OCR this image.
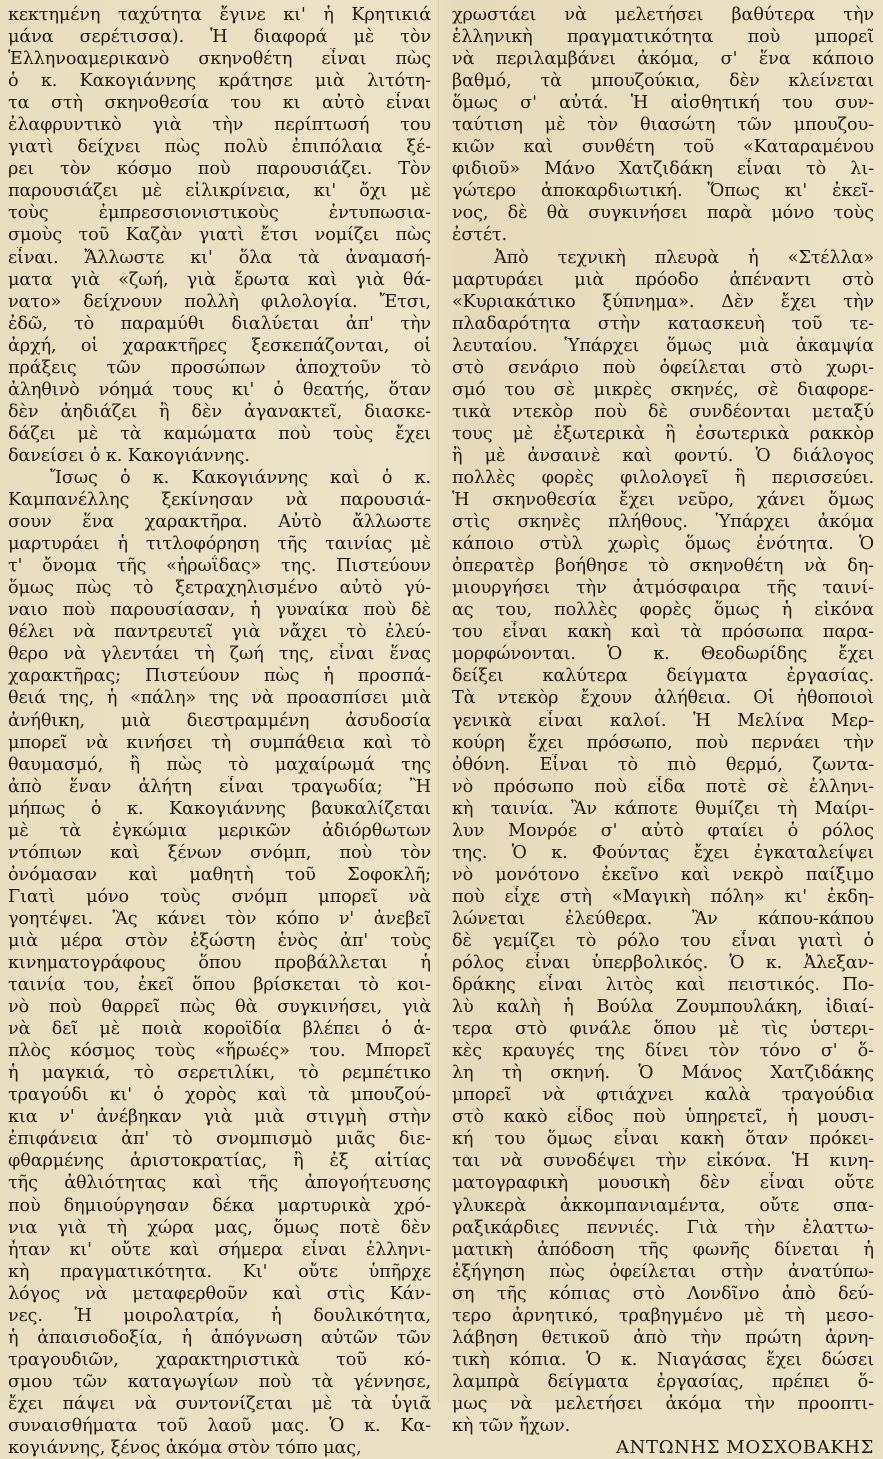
κεκτημένη ταχύτητα ἔγινε κι' ἡ Κρητικιά
μάνα σερέτισσα). Ἡ διαφορά μὲ τὸν
Ἑλληνοαμερικανὸ σκηνοθέτη εἶναι πὼς
ὁ κ. Κακογιάννης κράτησε μιὰ λιτότη-
τα στὴ σκηνοθεσία του κι αὐτὸ εἶναι
ἐλαφρυντικὸ γιὰ τὴν περίπτωσή του
γιατὶ δείχνει πὼς πολὺ ἐπιπόλαια ξέ-
ρει τὸν κόσμο ποὺ παρουσιάζει. Τὸν
παρουσιάζει μὲ εἰλικρίνεια, κι' ὄχι μὲ
τοὺς ἐμπρεσσιονιστικοὺς ἐντυπωσια-
σμοὺς τοῦ Καζὰν γιατὶ ἔτσι νομίζει πὼς
εἶναι. Ἄλλωστε κι' ὅλα τὰ ἀναμασή-
ματα γιὰ «ζωή, γιὰ ἔρωτα καὶ γιὰ θά-
νατο» δείχνουν πολλὴ φιλολογία. Ἔτσι,
ἐδῶ, τὸ παραμύθι διαλύεται ἀπ' τὴν
ἀρχή, οἱ χαρακτῆρες ξεσκεπάζονται, οἱ
πράξεις τῶν προσώπων ἀποχτοῦν τὸ
ἀληθινὸ νόημά τους κι' ὁ θεατής, ὅταν
δὲν ἀηδιάζει ἢ δὲν ἀγανακτεῖ, διασκε-
δάζει μὲ τὰ καμώματα ποὺ τοὺς ἔχει
δανείσει ὁ κ. Κακογιάννης.
Ἴσως ὁ κ. Κακογιάννης καὶ ὁ κ.
Καμπανέλλης ξεκίνησαν νὰ παρουσιά-
σουν ἕνα χαρακτῆρα. Αὐτὸ ἄλλωστε
μαρτυράει ἡ τιτλοφόρηση τῆς ταινίας μὲ
τ' ὄνομα τῆς «ἡρωΐδας» της. Πιστεύουν
ὅμως πὼς τὸ ξετραχηλισμένο αὐτὸ γύ-
ναιο ποὺ παρουσίασαν, ἡ γυναίκα ποὺ δὲ
θέλει νὰ παντρευτεῖ γιὰ νἄχει τὸ ἐλεύ-
θερο νὰ γλεντάει τὴ ζωή της, εἶναι ἕνας
χαρακτῆρας; Πιστεύουν πὼς ἡ προσπά-
θειά της, ἡ «πάλη» της νὰ προασπίσει μιὰ
ἀνήθικη, μιὰ διεστραμμένη ἀσυδοσία
μπορεῖ νὰ κινήσει τὴ συμπάθεια καὶ τὸ
θαυμασμό, ἢ πὼς τὸ μαχαίρωμά της
ἀπὸ ἕναν ἀλήτη εἶναι τραγωδία; Ἢ
μήπως ὁ κ. Κακογιάννης βαυκαλίζεται
μὲ τὰ ἐγκώμια μερικῶν ἀδιόρθωτων
ντόπιων καὶ ξένων σνόμπ, ποὺ τὸν
ὀνόμασαν καὶ μαθητὴ τοῦ Σοφοκλῆ;
Γιατὶ μόνο τοὺς σνόμπ μπορεῖ νὰ
γοητέψει. Ἂς κάνει τὸν κόπο ν' ἀνεβεῖ
μιὰ μέρα στὸν ἐξώστη ἑνὸς ἀπ' τοὺς
κινηματογράφους ὅπου προβάλλεται ἡ
ταινία του, ἐκεῖ ὅπου βρίσκεται τὸ κοι-
νὸ ποὺ θαρρεῖ πὼς θὰ συγκινήσει, γιὰ
νὰ δεῖ μὲ ποιὰ κοροϊδία βλέπει ὁ ἁ-
πλὸς κόσμος τοὺς «ἥρωές» του. Μπορεῖ
ἡ μαγκιά, τὸ σερετιλίκι, τὸ ρεμπέτικο
τραγούδι κι' ὁ χορὸς καὶ τὰ μπουζού-
κια ν' ἀνέβηκαν γιὰ μιὰ στιγμὴ στὴν
ἐπιφάνεια ἀπ' τὸ σνομπισμὸ μιᾶς διε-
φθαρμένης ἀριστοκρατίας, ἢ ἐξ αἰτίας
τῆς ἀθλιότητας καὶ τῆς ἀπογοήτευσης
ποὺ δημιούργησαν δέκα μαρτυρικὰ χρό-
νια γιὰ τὴ χώρα μας, ὅμως ποτὲ δὲν
ἦταν κι' οὔτε καὶ σήμερα εἶναι ἑλληνι-
κὴ πραγματικότητα. Κι' οὔτε ὑπῆρχε
λόγος νὰ μεταφερθοῦν καὶ στὶς Κάν-
νες. Ἡ μοιρολατρία, ἡ δουλικότητα,
ἡ ἀπαισιοδοξία, ἡ ἀπόγνωση αὐτῶν τῶν
τραγουδιῶν, χαρακτηριστικὰ τοῦ κό-
σμου τῶν καταγωγίων ποὺ τὰ γέννησε,
ἔχει πάψει νὰ συντονίζεται μὲ τὰ ὑγιᾶ
συναισθήματα τοῦ λαοῦ μας. Ὁ κ. Κα-
κογιάννης, ξένος ἀκόμα στὸν τόπο μας,
χρωστάει νὰ μελετήσει βαθύτερα τὴν
ἑλληνικὴ πραγματικότητα ποὺ μπορεῖ
νὰ περιλαμβάνει ἀκόμα, σ' ἕνα κάποιο
βαθμό, τὰ μπουζούκια, δὲν κλείνεται
ὅμως σ' αὐτά. Ἡ αἰσθητική του συν-
ταύτιση μὲ τὸν θιασώτη τῶν μπουζου-
κιῶν καὶ συνθέτη τοῦ «Καταραμένου
φιδιοῦ» Μάνο Χατζιδάκη εἶναι τὸ λι-
γώτερο ἀποκαρδιωτική. Ὅπως κι' ἐκεῖ-
νος, δὲ θὰ συγκινήσει παρὰ μόνο τοὺς
ἐστέτ.
Ἀπὸ τεχνικὴ πλευρὰ ἡ «Στέλλα»
μαρτυράει μιὰ πρόοδο ἀπέναντι στὸ
«Κυριακάτικο ξύπνημα». Δὲν ἔχει τὴν
πλαδαρότητα στὴν κατασκευὴ τοῦ τε-
λευταίου. Ὑπάρχει ὅμως μιὰ ἀκαμψία
στὸ σενάριο ποὺ ὀφείλεται στὸ χωρι-
σμό του σὲ μικρὲς σκηνές, σὲ διαφορε-
τικὰ ντεκὸρ ποὺ δὲ συνδέονται μεταξύ
τους μὲ ἐξωτερικὰ ἢ ἐσωτερικὰ ρακκὸρ
ἢ μὲ ἀνσαινὲ καὶ φοντύ. Ὁ διάλογος
πολλὲς φορὲς φιλολογεῖ ἢ περισσεύει.
Ἡ σκηνοθεσία ἔχει νεῦρο, χάνει ὅμως
στὶς σκηνὲς πλήθους. Ὑπάρχει ἀκόμα
κάποιο στὺλ χωρὶς ὅμως ἑνότητα. Ὁ
ὀπερατὲρ βοήθησε τὸ σκηνοθέτη νὰ δη-
μιουργήσει τὴν ἀτμόσφαιρα τῆς ταινί-
ας του, πολλὲς φορὲς ὅμως ἡ εἰκόνα
του εἶναι κακὴ καὶ τὰ πρόσωπα παρα-
μορφώνονται. Ὁ κ. Θεοδωρίδης ἔχει
δείξει καλύτερα δείγματα ἐργασίας.
Τὰ ντεκὸρ ἔχουν ἀλήθεια. Οἱ ἠθοποιοὶ
γενικὰ εἶναι καλοί. Ἡ Μελίνα Μερ-
κούρη ἔχει πρόσωπο, ποὺ περνάει τὴν
ὀθόνη. Εἶναι τὸ πιὸ θερμό, ζωντα-
νὸ πρόσωπο ποὺ εἶδα ποτὲ σὲ ἑλληνι-
κὴ ταινία. Ἂν κάποτε θυμίζει τὴ Μαίρι-
λυν Μονρόε σ' αὐτὸ φταίει ὁ ρόλος
της. Ὁ κ. Φούντας ἔχει ἐγκαταλείψει
νὸ μονότονο ἐκεῖνο καὶ νεκρὸ παίξιμο
ποὺ εἶχε στὴ «Μαγικὴ πόλη» κι' ἐκδη-
λώνεται ἐλεύθερα. Ἂν κάπου-κάπου
δὲ γεμίζει τὸ ρόλο του εἶναι γιατὶ ὁ
ρόλος εἶναι ὑπερβολικός. Ὁ κ. Ἀλεξαν-
δράκης εἶναι λιτὸς καὶ πειστικός. Πο-
λὺ καλὴ ἡ Βούλα Ζουμπουλάκη, ἰδιαί-
τερα στὸ φινάλε ὅπου μὲ τὶς ὑστερι-
κὲς κραυγές της δίνει τὸν τόνο σ' ὅ-
λη τὴ σκηνή. Ὁ Μάνος Χατζιδάκης
μπορεῖ νὰ φτιάχνει καλὰ τραγούδια
στὸ κακὸ εἶδος ποὺ ὑπηρετεῖ, ἡ μουσι-
κή του ὅμως εἶναι κακὴ ὅταν πρόκει-
ται νὰ συνοδέψει τὴν εἰκόνα. Ἡ κινη-
ματογραφικὴ μουσικὴ δὲν εἶναι οὔτε
γλυκερὰ ἀκκομπανιαμέντα, οὔτε σπα-
ραξικάρδιες πεννιές. Γιὰ τὴν ἐλαττω-
ματικὴ ἀπόδοση τῆς φωνῆς δίνεται ἡ
ἐξήγηση πὼς ὀφείλεται στὴν ἀνατύπω-
ση τῆς κόπιας στὸ Λονδῖνο ἀπὸ δεύ-
τερο ἀρνητικό, τραβηγμένο μὲ τὴ μεσο-
λάβηση θετικοῦ ἀπὸ τὴν πρώτη ἀρνη-
τικὴ κόπια. Ὁ κ. Νιαγάσας ἔχει δώσει
λαμπρὰ δείγματα ἐργασίας, πρέπει ὅ-
μως νὰ μελετήσει ἀκόμα τὴν προοπτι-
κὴ τῶν ἤχων.
ΑΝΤΩΝΗΣ ΜΟΣΧΟΒΑΚΗΣ
